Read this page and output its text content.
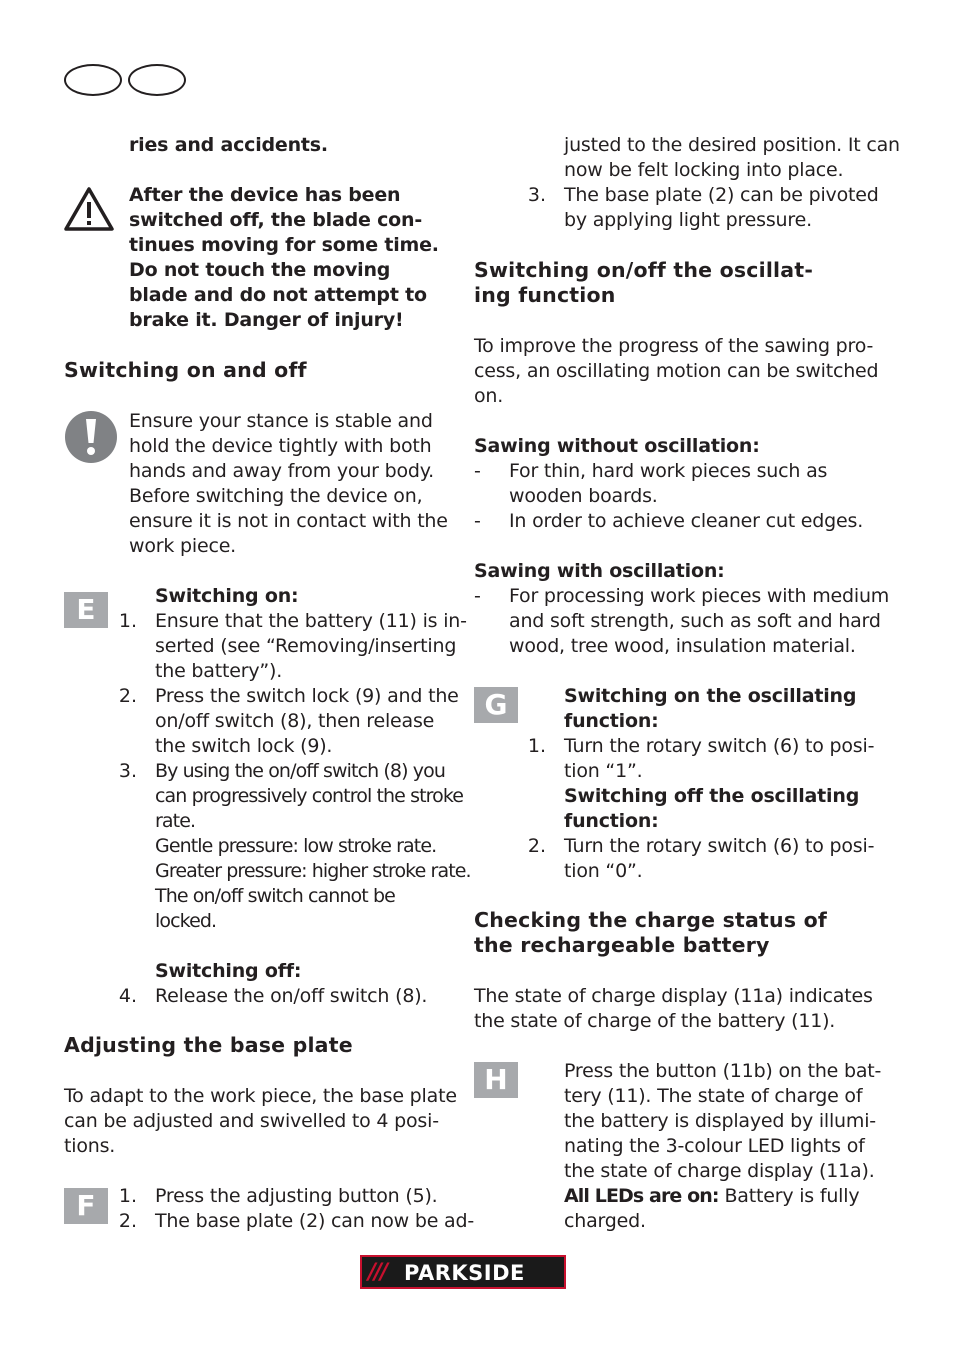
ries and accidents.
After the device has been
switched off, the blade con-
tinues moving for some time.
Do not touch the moving
blade and do not attempt to
brake it. Danger of injury!
Switching on and off
Ensure your stance is stable and
hold the device tightly with both
hands and away from your body.
Before switching the device on,
ensure it is not in contact with the
work piece.
E	Switching on:
1. Ensure that the battery (11) is in-
serted (see “Removing/inserting
the battery”).
2. Press the switch lock (9) and the
on/off switch (8), then release
the switch lock (9).
3. By using the on/off switch (8) you
can progressively control the stroke
rate.
Gentle pressure: low stroke rate.
Greater pressure: higher stroke rate.
The on/off switch cannot be
locked.
Switching off:
4. Release the on/off switch (8).
Adjusting the base plate
To adapt to the work piece, the base plate
can be adjusted and swivelled to 4 posi-
tions.
F	1. Press the adjusting button (5).
2. The base plate (2) can now be ad-
justed to the desired position. It can
now be felt locking into place.
3. The base plate (2) can be pivoted
by applying light pressure.
Switching on/off the oscillat-
ing function
To improve the progress of the sawing pro-
cess, an oscillating motion can be switched
on.
Sawing without oscillation:
- For thin, hard work pieces such as
wooden boards.
- In order to achieve cleaner cut edges.
Sawing with oscillation:
- For processing work pieces with medium
and soft strength, such as soft and hard
wood, tree wood, insulation material.
G	Switching on the oscillating
function:
1. Turn the rotary switch (6) to posi-
tion “1”.
Switching off the oscillating
function:
2. Turn the rotary switch (6) to posi-
tion “0”.
Checking the charge status of
the rechargeable battery
The state of charge display (11a) indicates
the state of charge of the battery (11).
H	Press the button (11b) on the bat-
tery (11). The state of charge of
the battery is displayed by illumi-
nating the 3-colour LED lights of
the state of charge display (11a).
All LEDs are on: Battery is fully
charged.
/// PARKSIDE
